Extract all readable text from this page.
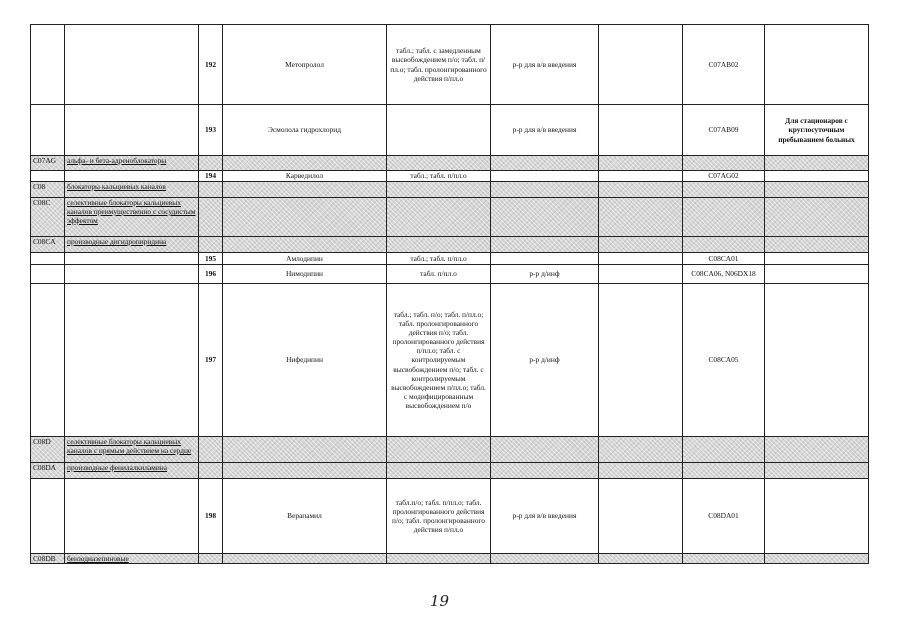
		192	Метопролол	табл.; табл. с замедленным высвобождением п/о; табл. п/пл.о; табл. пролонгированного действия п/пл.о	р-р для в/в введения		C07AB02	
		193	Эсмолола гидрохлорид		р-р для в/в введения		C07AB09	Для стационаров с круглосуточным пребыванием больных
C07AG	альфа- и бета-адреноблокаторы							
		194	Карведилол	табл.; табл. п/пл.о			C07AG02	
C08	блокаторы кальциевых каналов							
C08C	селективные блокаторы кальциевых каналов преимущественно с сосудистым эффектом							
C08CA	производные дигидропиридина							
		195	Амлодипин	табл.; табл. п/пл.о			C08CA01	
		196	Нимодипин	табл. п/пл.о	р-р д/инф		C08CA06, N06DX18	
		197	Нифедипин	табл.; табл. п/о; табл. п/пл.о; табл. пролонгированного действия п/о; табл. пролонгированного действия п/пл.о; табл. с контролируемым высвобождением п/о; табл. с контролируемым высвобождением п/пл.о; табл. с модифицированным высвобождением п/о	р-р д/инф		C08CA05	
C08D	селективные блокаторы кальциевых каналов с прямым действием на сердце							
C08DA	производные фенилалкиламина							
		198	Верапамил	табл.п/о; табл. п/пл.о; табл. пролонгированного действия п/о; табл. пролонгированного действия п/пл.о	р-р для в/в введения		C08DA01	
C08DB	бензодиазепиновые							
19
